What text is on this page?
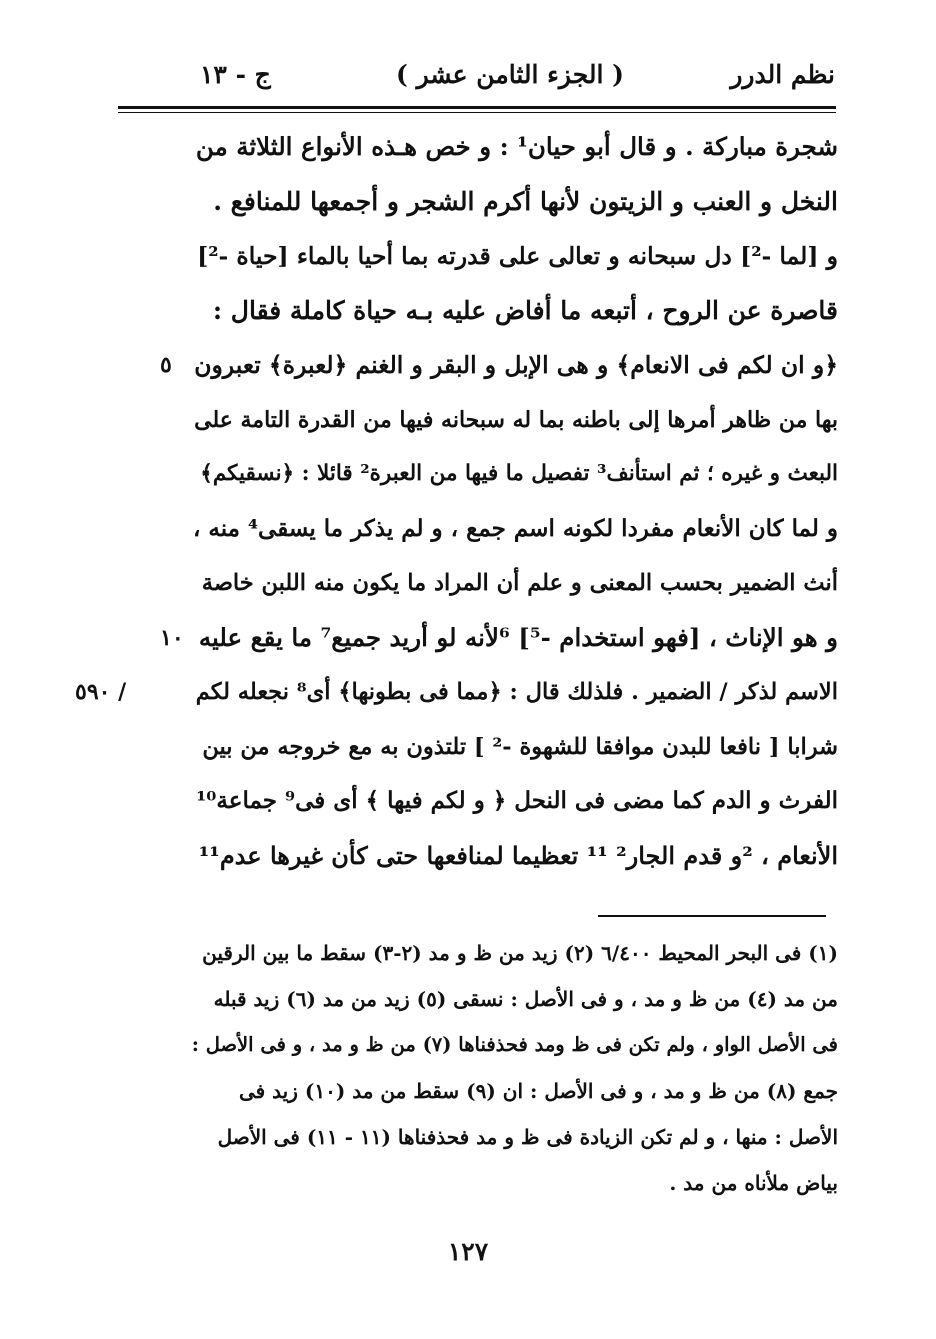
نظم الدرر
( الجزء الثامن عشر )
ج - ١٣
شجرة مباركة . و قال أبو حيان¹ : و خص هـذه الأنواع الثلاثة من
النخل و العنب و الزيتون لأنها أكرم الشجر و أجمعها للمنافع .
و [لما -²] دل سبحانه و تعالى على قدرته بما أحيا بالماء [حياة -²]
قاصرة عن الروح ، أتبعه ما أفاض عليه بـه حياة كاملة فقال :
﴿و ان لكم فى الانعام﴾ و هى الإبل و البقر و الغنم ﴿لعبرة﴾ تعبرون
٥
بها من ظاهر أمرها إلى باطنه بما له سبحانه فيها من القدرة التامة على
البعث و غيره ؛ ثم استأنف³ تفصيل ما فيها من العبرة² قائلا : ﴿نسقيكم﴾
و لما كان الأنعام مفردا لكونه اسم جمع ، و لم يذكر ما يسقى⁴ منه ،
أنث الضمير بحسب المعنى و علم أن المراد ما يكون منه اللبن خاصة
و هو الإناث ، [فهو استخدام -⁵] ⁶لأنه لو أريد جميع⁷ ما يقع عليه
١٠
الاسم لذكر / الضمير . فلذلك قال : ﴿مما فى بطونها﴾ أى⁸ نجعله لكم
٥٩٠ /
شرابا [ نافعا للبدن موافقا للشهوة -² ] تلتذون به مع خروجه من بين
الفرث و الدم كما مضى فى النحل ﴿ و لكم فيها ﴾ أى فى⁹ جماعة¹⁰
الأنعام ، ²و قدم الجار² ¹¹ تعظيما لمنافعها حتى كأن غيرها عدم¹¹
(١) فى البحر المحيط ٦/٤٠٠ (٢) زيد من ظ و مد (٢-٣) سقط ما بين الرقين
من مد (٤) من ظ و مد ، و فى الأصل : نسقى (٥) زيد من مد (٦) زيد قبله
فى الأصل الواو ، ولم تكن فى ظ ومد فحذفناها (٧) من ظ و مد ، و فى الأصل :
جمع (٨) من ظ و مد ، و فى الأصل : ان (٩) سقط من مد (١٠) زيد فى
الأصل : منها ، و لم تكن الزيادة فى ظ و مد فحذفناها (١١ - ١١) فى الأصل
بياض ملأناه من مد .
١٢٧
